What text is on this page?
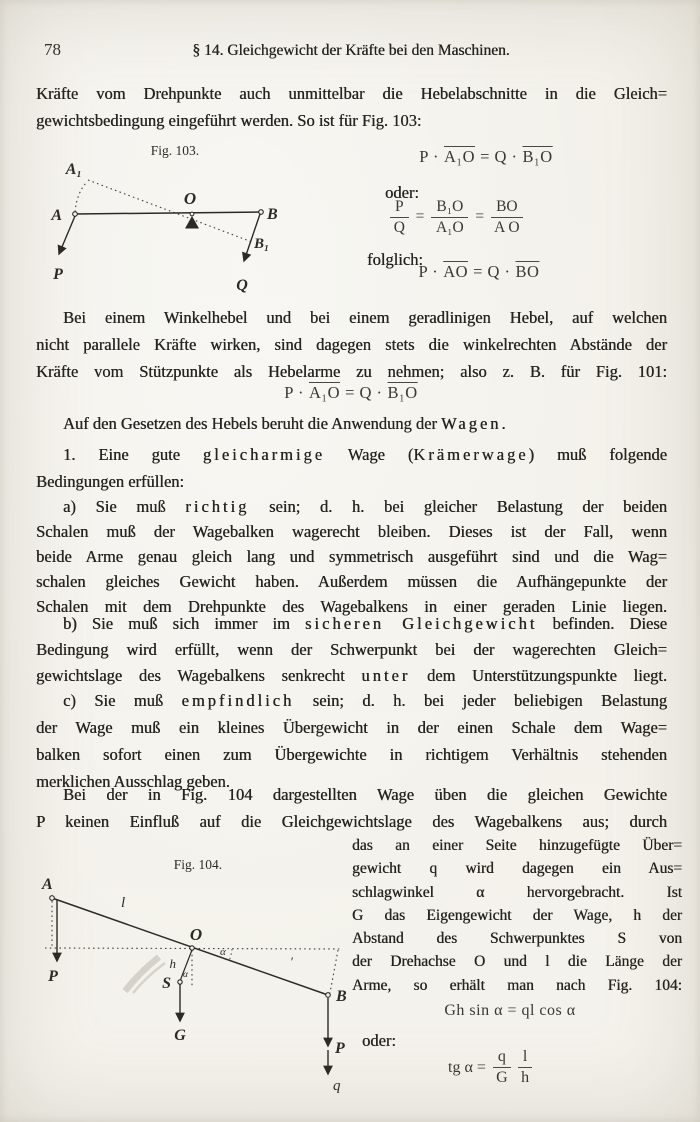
78	§ 14. Gleichgewicht der Kräfte bei den Maschinen.
Kräfte vom Drehpunkte auch unmittelbar die Hebelabschnitte in die Gleich=
gewichtsbedingung eingeführt werden. So ist für Fig. 103:
Fig. 103.
A₁
A
O
B
B₁
P
Q
P · A₁O = Q · B₁O
oder:
$\frac{P}{Q} = \frac{\text{B₁O}}{\text{A₁O}} = \frac{BO}{\text{A O}}$
folglich:
$P \cdot \overline{AO} = Q \cdot \overline{BO}$
Bei einem Winkelhebel und bei einem geradlinigen Hebel, auf welchen
nicht parallele Kräfte wirken, sind dagegen stets die winkelrechten Abstände der
Kräfte vom Stützpunkte als Hebelarme zu nehmen; also z. B. für Fig. 101:
P · A₁O = Q · B₁O
Auf den Gesetzen des Hebels beruht die Anwendung der Wagen.
1. Eine gute gleicharmige Wage (Krämerwage) muß folgende
Bedingungen erfüllen:
a) Sie muß richtig sein; d. h. bei gleicher Belastung der beiden
Schalen muß der Wagebalken wagerecht bleiben. Dieses ist der Fall, wenn
beide Arme genau gleich lang und symmetrisch ausgeführt sind und die Wag=
schalen gleiches Gewicht haben. Außerdem müssen die Aufhängepunkte der
Schalen mit dem Drehpunkte des Wagebalkens in einer geraden Linie liegen.
b) Sie muß sich immer im sicheren Gleichgewicht befinden. Diese
Bedingung wird erfüllt, wenn der Schwerpunkt bei der wagerechten Gleich=
gewichtslage des Wagebalkens senkrecht unter dem Unterstützungspunkte liegt.
c) Sie muß empfindlich sein; d. h. bei jeder beliebigen Belastung
der Wage muß ein kleines Übergewicht in der einen Schale dem Wage=
balken sofort einen zum Übergewichte in richtigem Verhältnis stehenden
merklichen Ausschlag geben.
Bei der in Fig. 104 dargestellten Wage üben die gleichen Gewichte
P keinen Einfluß auf die Gleichgewichtslage des Wagebalkens aus; durch
Fig. 104.
A
l
O
α
h
α
S
G
B
P
q
P
′
das an einer Seite hinzugefügte Über=
gewicht q wird dagegen ein Aus=
schlagwinkel α hervorgebracht. Ist
G das Eigengewicht der Wage, h der
Abstand des Schwerpunktes S von
der Drehachse O und l die Länge der
Arme, so erhält man nach Fig. 104:
Gh sin α = ql cos α
oder:
tg $\alpha = \frac{q}{G} \frac{l}{h}$
